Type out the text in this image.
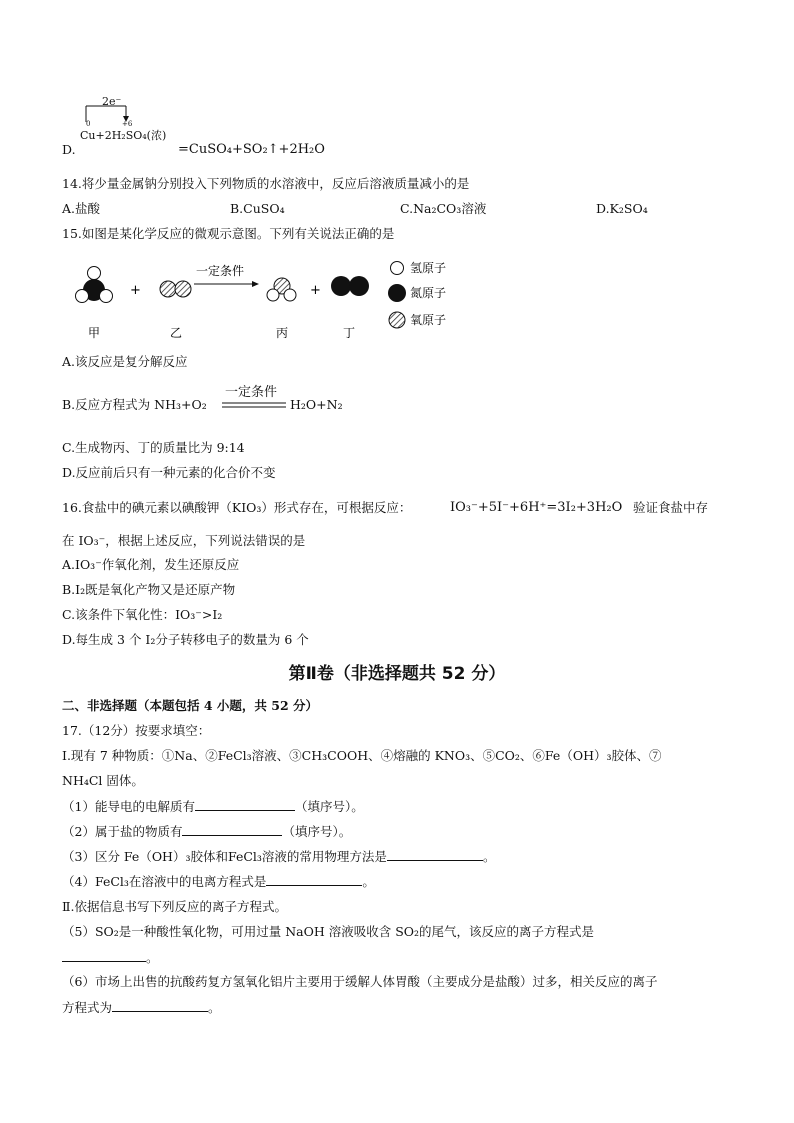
2e⁻
0	+6
D.
Cu+2H₂SO₄(浓)
=CuSO₄+SO₂↑+2H₂O
14.将少量金属钠分别投入下列物质的水溶液中，反应后溶液质量减小的是
A.盐酸	B.CuSO₄	C.Na₂CO₃溶液	D.K₂SO₄
15.如图是某化学反应的微观示意图。下列有关说法正确的是
+
一定条件
+
甲	乙	丙	丁
氢原子
氮原子
氧原子
A.该反应是复分解反应
B.反应方程式为 NH₃+O₂
一定条件
H₂O+N₂
C.生成物丙、丁的质量比为 9:14
D.反应前后只有一种元素的化合价不变
16.食盐中的碘元素以碘酸钾（KIO₃）形式存在，可根据反应：	IO₃⁻+5I⁻+6H⁺=3I₂+3H₂O 验证食盐中存
在 IO₃⁻，根据上述反应，下列说法错误的是
A.IO₃⁻作氧化剂，发生还原反应
B.I₂既是氧化产物又是还原产物
C.该条件下氧化性：IO₃⁻>I₂
D.每生成 3 个 I₂分子转移电子的数量为 6 个
第Ⅱ卷（非选择题共 52 分）
二、非选择题（本题包括 4 小题，共 52 分）
17.（12分）按要求填空：
I.现有 7 种物质：①Na、②FeCl₃溶液、③CH₃COOH、④熔融的 KNO₃、⑤CO₂、⑥Fe（OH）₃胶体、⑦
NH₄Cl 固体。
（1）能导电的电解质有	（填序号）。
（2）属于盐的物质有	（填序号）。
（3）区分 Fe（OH）₃胶体和FeCl₃溶液的常用物理方法是	。
（4）FeCl₃在溶液中的电离方程式是	。
Ⅱ.依据信息书写下列反应的离子方程式。
（5）SO₂是一种酸性氧化物，可用过量 NaOH 溶液吸收含 SO₂的尾气，该反应的离子方程式是
。
（6）市场上出售的抗酸药复方氢氧化铝片主要用于缓解人体胃酸（主要成分是盐酸）过多，相关反应的离子
方程式为	。
